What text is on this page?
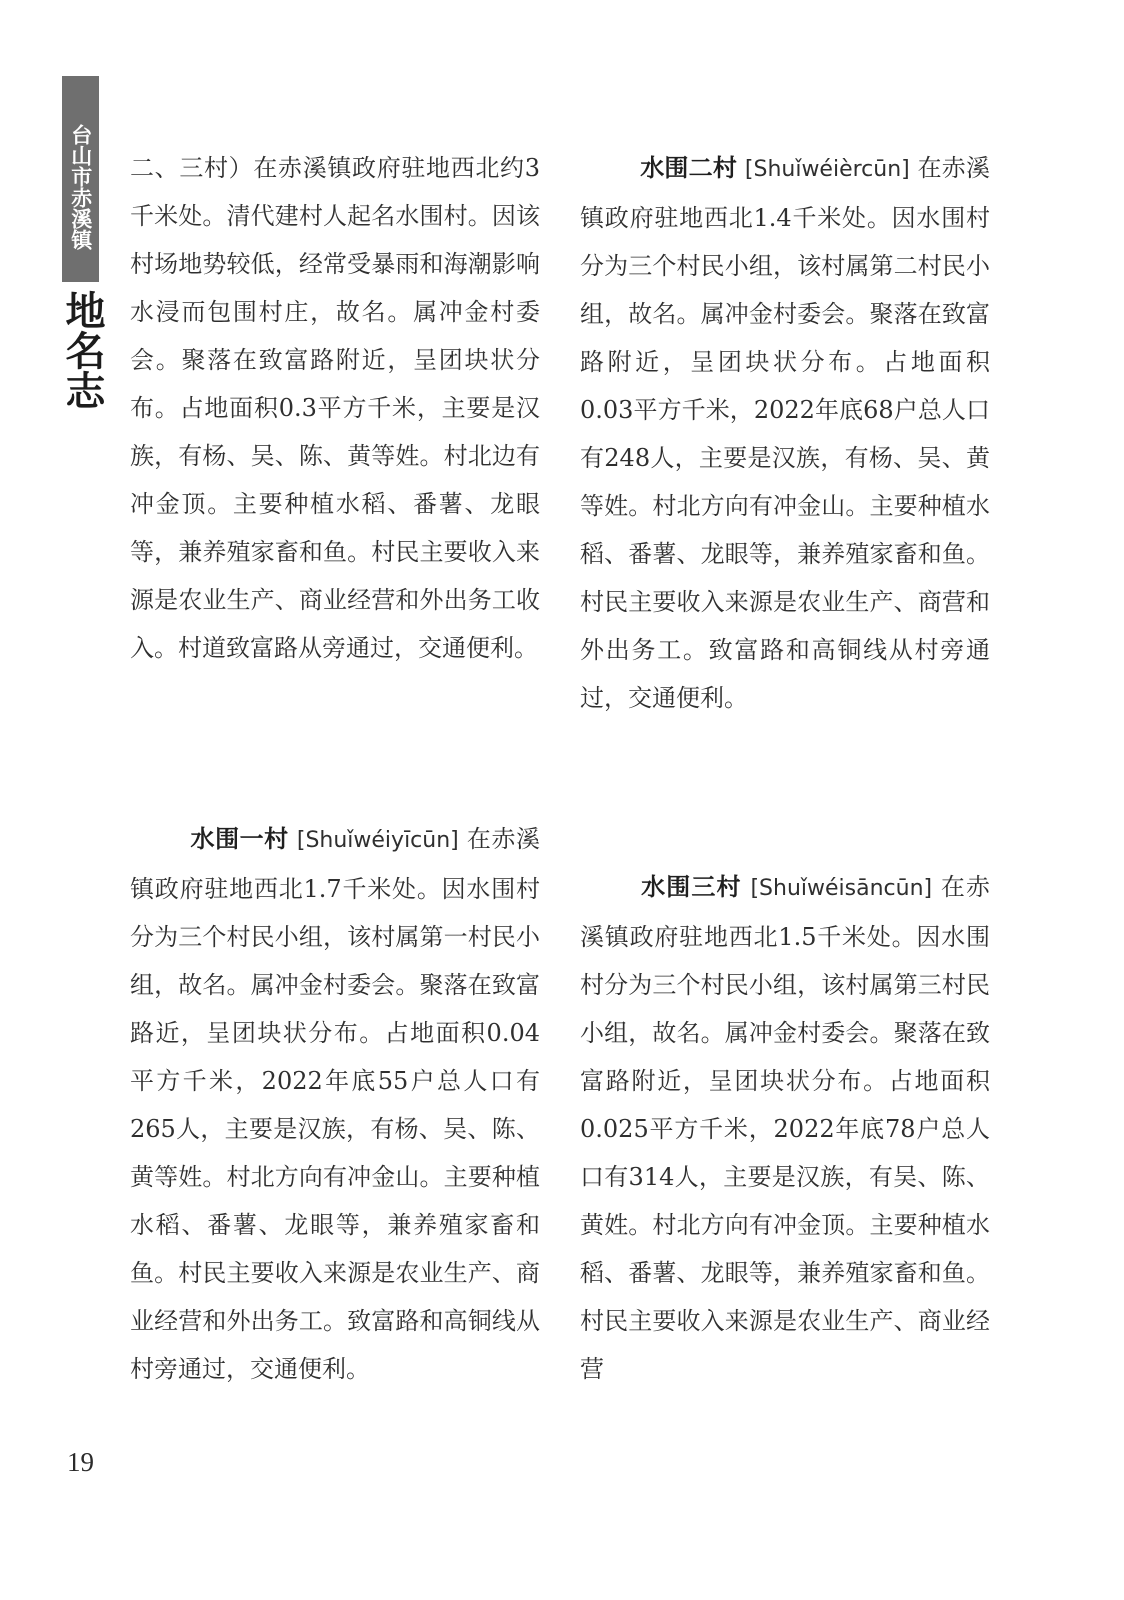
台山市赤溪镇
地名志

二、三村）在赤溪镇政府驻地西北约3千米处。清代建村人起名水围村。因该村场地势较低，经常受暴雨和海潮影响水浸而包围村庄，故名。属冲金村委会。聚落在致富路附近，呈团块状分布。占地面积0.3平方千米，主要是汉族，有杨、吴、陈、黄等姓。村北边有冲金顶。主要种植水稻、番薯、龙眼等，兼养殖家畜和鱼。村民主要收入来源是农业生产、商业经营和外出务工收入。村道致富路从旁通过，交通便利。

水围一村 [Shuǐwéiyīcūn] 在赤溪镇政府驻地西北1.7千米处。因水围村分为三个村民小组，该村属第一村民小组，故名。属冲金村委会。聚落在致富路近，呈团块状分布。占地面积0.04平方千米，2022年底55户总人口有265人，主要是汉族，有杨、吴、陈、黄等姓。村北方向有冲金山。主要种植水稻、番薯、龙眼等，兼养殖家畜和鱼。村民主要收入来源是农业生产、商业经营和外出务工。致富路和高铜线从村旁通过，交通便利。

水围二村 [Shuǐwéièrcūn] 在赤溪镇政府驻地西北1.4千米处。因水围村分为三个村民小组，该村属第二村民小组，故名。属冲金村委会。聚落在致富路附近，呈团块状分布。占地面积0.03平方千米，2022年底68户总人口有248人，主要是汉族，有杨、吴、黄等姓。村北方向有冲金山。主要种植水稻、番薯、龙眼等，兼养殖家畜和鱼。村民主要收入来源是农业生产、商营和外出务工。致富路和高铜线从村旁通过，交通便利。

水围三村 [Shuǐwéisāncūn] 在赤溪镇政府驻地西北1.5千米处。因水围村分为三个村民小组，该村属第三村民小组，故名。属冲金村委会。聚落在致富路附近，呈团块状分布。占地面积0.025平方千米，2022年底78户总人口有314人，主要是汉族，有吴、陈、黄姓。村北方向有冲金顶。主要种植水稻、番薯、龙眼等，兼养殖家畜和鱼。村民主要收入来源是农业生产、商业经营

19
